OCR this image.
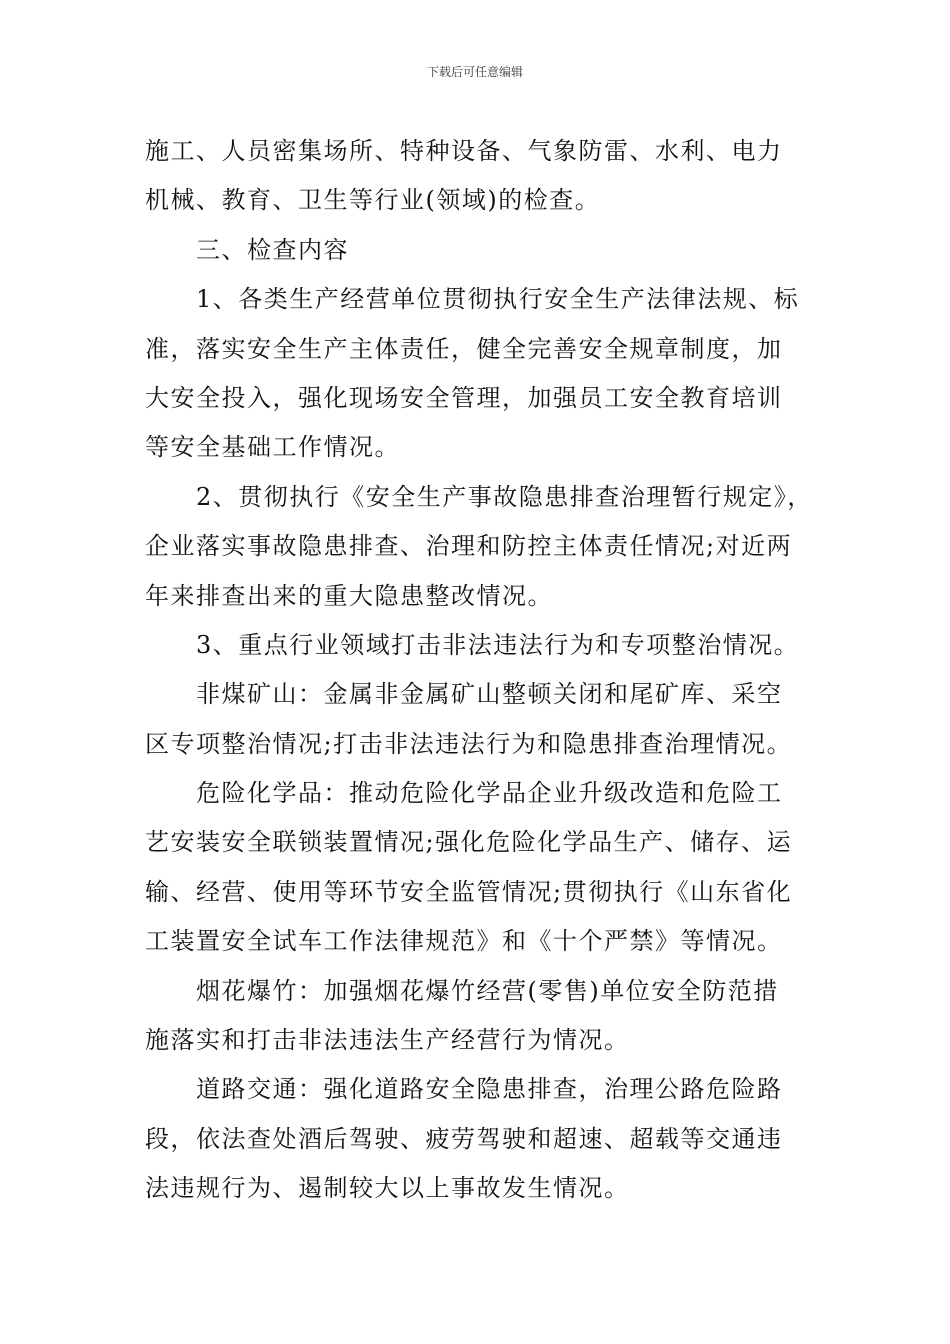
下载后可任意编辑
施工、人员密集场所、特种设备、气象防雷、水利、电力
机械、教育、卫生等行业(领域)的检查。
三、检查内容
1、各类生产经营单位贯彻执行安全生产法律法规、标
准，落实安全生产主体责任，健全完善安全规章制度，加
大安全投入，强化现场安全管理，加强员工安全教育培训
等安全基础工作情况。
2、贯彻执行《安全生产事故隐患排查治理暂行规定》，
企业落实事故隐患排查、治理和防控主体责任情况;对近两
年来排查出来的重大隐患整改情况。
3、重点行业领域打击非法违法行为和专项整治情况。
非煤矿山：金属非金属矿山整顿关闭和尾矿库、采空
区专项整治情况;打击非法违法行为和隐患排查治理情况。
危险化学品：推动危险化学品企业升级改造和危险工
艺安装安全联锁装置情况;强化危险化学品生产、储存、运
输、经营、使用等环节安全监管情况;贯彻执行《山东省化
工装置安全试车工作法律规范》和《十个严禁》等情况。
烟花爆竹：加强烟花爆竹经营(零售)单位安全防范措
施落实和打击非法违法生产经营行为情况。
道路交通：强化道路安全隐患排查，治理公路危险路
段，依法查处酒后驾驶、疲劳驾驶和超速、超载等交通违
法违规行为、遏制较大以上事故发生情况。
